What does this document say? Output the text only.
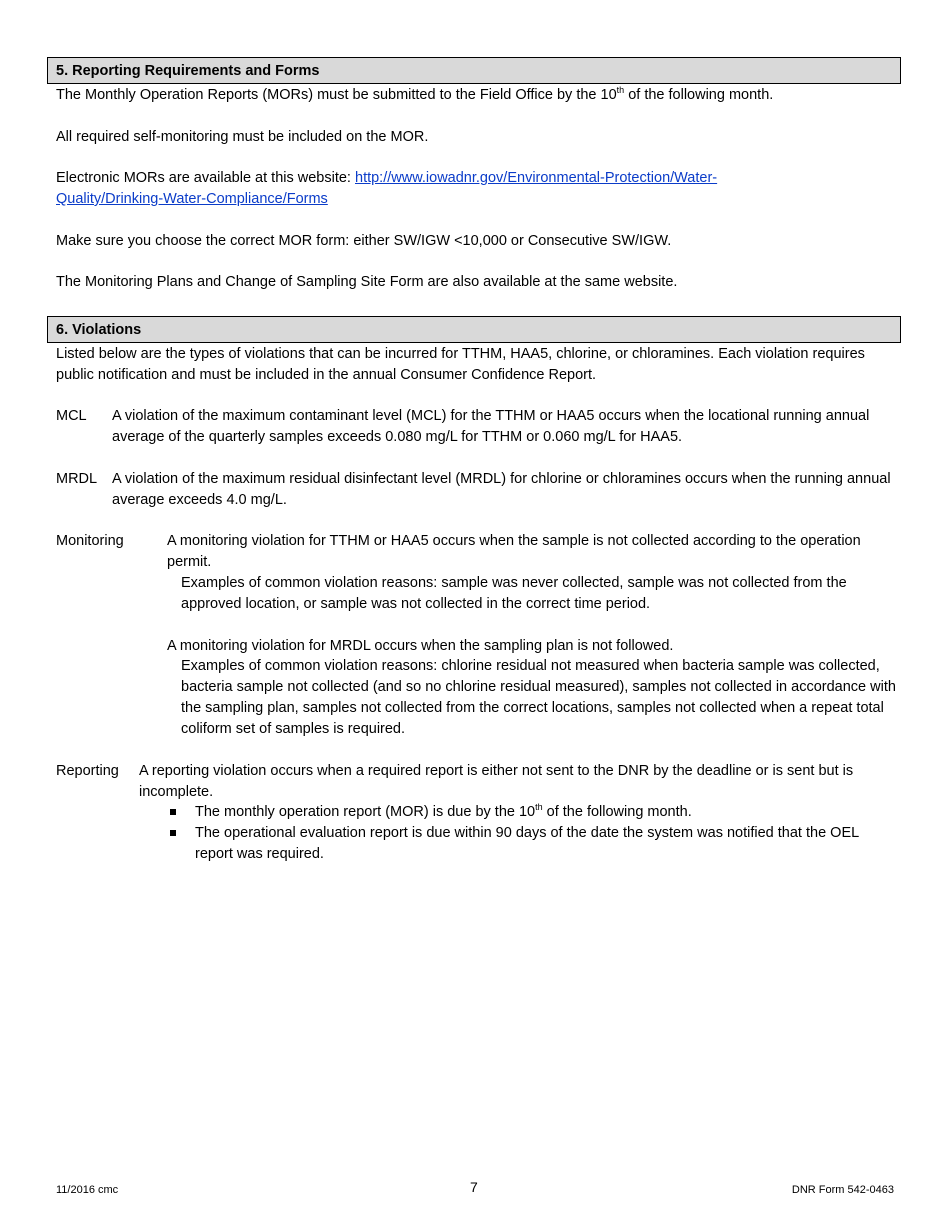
5. Reporting Requirements and Forms

The Monthly Operation Reports (MORs) must be submitted to the Field Office by the 10th of the following month.

All required self-monitoring must be included on the MOR.

Electronic MORs are available at this website: http://www.iowadnr.gov/Environmental-Protection/Water-Quality/Drinking-Water-Compliance/Forms

Make sure you choose the correct MOR form: either SW/IGW <10,000 or Consecutive SW/IGW.

The Monitoring Plans and Change of Sampling Site Form are also available at the same website.

6. Violations

Listed below are the types of violations that can be incurred for TTHM, HAA5, chlorine, or chloramines. Each violation requires public notification and must be included in the annual Consumer Confidence Report.

MCL A violation of the maximum contaminant level (MCL) for the TTHM or HAA5 occurs when the locational running annual average of the quarterly samples exceeds 0.080 mg/L for TTHM or 0.060 mg/L for HAA5.

MRDL A violation of the maximum residual disinfectant level (MRDL) for chlorine or chloramines occurs when the running annual average exceeds 4.0 mg/L.

Monitoring	A monitoring violation for TTHM or HAA5 occurs when the sample is not collected according to the operation permit.

Examples of common violation reasons: sample was never collected, sample was not collected from the approved location, or sample was not collected in the correct time period.

A monitoring violation for MRDL occurs when the sampling plan is not followed.

Examples of common violation reasons: chlorine residual not measured when bacteria sample was collected, bacteria sample not collected (and so no chlorine residual measured), samples not collected in accordance with the sampling plan, samples not collected from the correct locations, samples not collected when a repeat total coliform set of samples is required.

Reporting A reporting violation occurs when a required report is either not sent to the DNR by the deadline or is sent but is incomplete.

The monthly operation report (MOR) is due by the 10th of the following month.

The operational evaluation report is due within 90 days of the date the system was notified that the OEL report was required.

11/2016 cmc	7	DNR Form 542-0463
